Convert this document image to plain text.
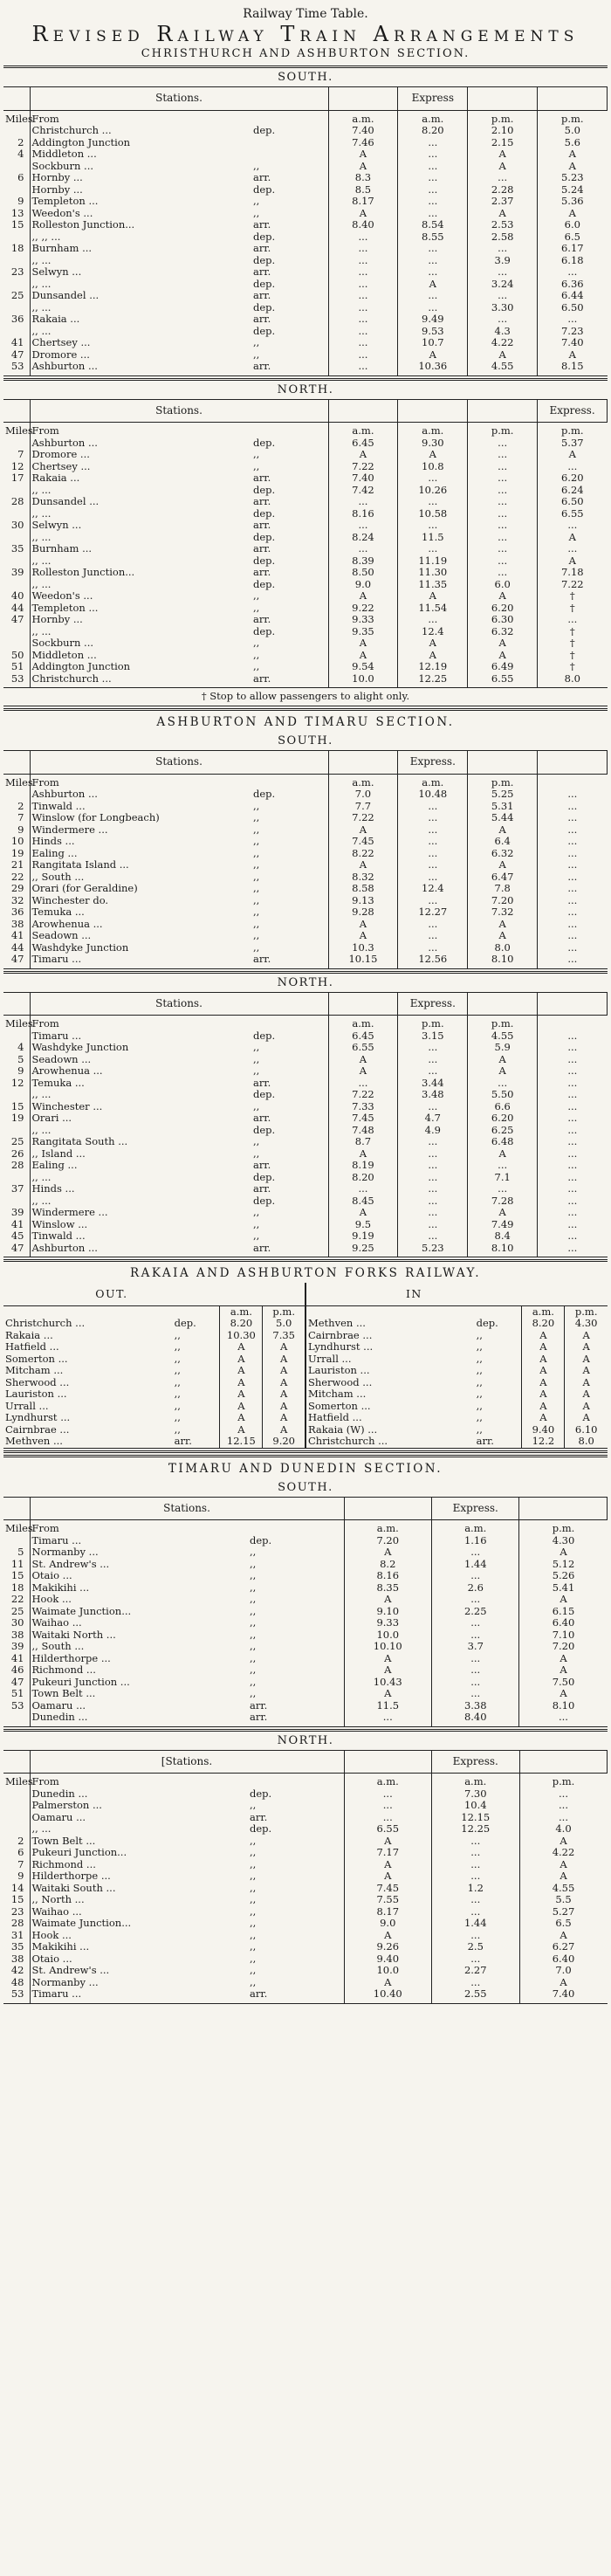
Railway Time Table.
Revised Railway Train Arrangements
CHRISTHURCH AND ASHBURTON SECTION.
SOUTH.
	Stations.			Express		
Miles	From		a.m.	a.m.	p.m.	p.m.
	Christchurch ...	dep.	7.40	8.20	2.10	5.0
2	Addington Junction		7.46	...	2.15	5.6
4	Middleton ...		A	...	A	A
	Sockburn ...	,,	A	...	A	A
6	Hornby ...	arr.	8.3	...	...	5.23
	Hornby ...	dep.	8.5	...	2.28	5.24
9	Templeton ...	,,	8.17	...	2.37	5.36
13	Weedon's ...	,,	A	...	A	A
15	Rolleston Junction...	arr.	8.40	8.54	2.53	6.0
	,, ,, ...	dep.	...	8.55	2.58	6.5
18	Burnham ...	arr.	...	...	...	6.17
	,, ...	dep.	...	...	3.9	6.18
23	Selwyn ...	arr.	...	...	...	...
	,, ...	dep.	...	A	3.24	6.36
25	Dunsandel ...	arr.	...	...	...	6.44
	,, ...	dep.	...	...	3.30	6.50
36	Rakaia ...	arr.	...	9.49	...	...
	,, ...	dep.	...	9.53	4.3	7.23
41	Chertsey ...	,,	...	10.7	4.22	7.40
47	Dromore ...	,,	...	A	A	A
53	Ashburton ...	arr.	...	10.36	4.55	8.15
NORTH.
	Stations.					Express.
Miles	From		a.m.	a.m.	p.m.	p.m.
	Ashburton ...	dep.	6.45	9.30	...	5.37
7	Dromore ...	,,	A	A	...	A
12	Chertsey ...	,,	7.22	10.8	...	...
17	Rakaia ...	arr.	7.40	...	...	6.20
	,, ...	dep.	7.42	10.26	...	6.24
28	Dunsandel ...	arr.	...	...	...	6.50
	,, ...	dep.	8.16	10.58	...	6.55
30	Selwyn ...	arr.	...	...	...	...
	,, ...	dep.	8.24	11.5	...	A
35	Burnham ...	arr.	...	...	...	...
	,, ...	dep.	8.39	11.19	...	A
39	Rolleston Junction...	arr.	8.50	11.30	...	7.18
	,, ...	dep.	9.0	11.35	6.0	7.22
40	Weedon's ...	,,	A	A	A	†
44	Templeton ...	,,	9.22	11.54	6.20	†
47	Hornby ...	arr.	9.33	...	6.30	...
	,, ...	dep.	9.35	12.4	6.32	†
	Sockburn ...	,,	A	A	A	†
50	Middleton ...	,,	A	A	A	†
51	Addington Junction	,,	9.54	12.19	6.49	†
53	Christchurch ...	arr.	10.0	12.25	6.55	8.0
† Stop to allow passengers to alight only.
ASHBURTON AND TIMARU SECTION.
SOUTH.
	Stations.			Express.		
Miles	From		a.m.	a.m.	p.m.	
	Ashburton ...	dep.	7.0	10.48	5.25	...
2	Tinwald ...	,,	7.7	...	5.31	...
7	Winslow (for Longbeach)	,,	7.22	...	5.44	...
9	Windermere ...	,,	A	...	A	...
10	Hinds ...	,,	7.45	...	6.4	...
19	Ealing ...	,,	8.22	...	6.32	...
21	Rangitata Island ...	,,	A	...	A	...
22	,, South ...	,,	8.32	...	6.47	...
29	Orari (for Geraldine)	,,	8.58	12.4	7.8	...
32	Winchester do.	,,	9.13	...	7.20	...
36	Temuka ...	,,	9.28	12.27	7.32	...
38	Arowhenua ...	,,	A	...	A	...
41	Seadown ...	,,	A	...	A	...
44	Washdyke Junction	,,	10.3	...	8.0	...
47	Timaru ...	arr.	10.15	12.56	8.10	...
NORTH.
	Stations.			Express.		
Miles	From		a.m.	p.m.	p.m.	
	Timaru ...	dep.	6.45	3.15	4.55	...
4	Washdyke Junction	,,	6.55	...	5.9	...
5	Seadown ...	,,	A	...	A	...
9	Arowhenua ...	,,	A	...	A	...
12	Temuka ...	arr.	...	3.44	...	...
	,, ...	dep.	7.22	3.48	5.50	...
15	Winchester ...	,,	7.33	...	6.6	...
19	Orari ...	arr.	7.45	4.7	6.20	...
	,, ...	dep.	7.48	4.9	6.25	...
25	Rangitata South ...	,,	8.7	...	6.48	...
26	,, Island ...	,,	A	...	A	...
28	Ealing ...	arr.	8.19	...	...	...
	,, ...	dep.	8.20	...	7.1	...
37	Hinds ...	arr.	...	...	...	...
	,, ...	dep.	8.45	...	7.28	...
39	Windermere ...	,,	A	...	A	...
41	Winslow ...	,,	9.5	...	7.49	...
45	Tinwald ...	,,	9.19	...	8.4	...
47	Ashburton ...	arr.	9.25	5.23	8.10	...
RAKAIA AND ASHBURTON FORKS RAILWAY.
OUT.				IN			
		a.m.	p.m.			a.m.	p.m.
Christchurch ...	dep.	8.20	5.0	Methven ...	dep.	8.20	4.30
Rakaia ...	,,	10.30	7.35	Cairnbrae ...	,,	A	A
Hatfield ...	,,	A	A	Lyndhurst ...	,,	A	A
Somerton ...	,,	A	A	Urrall ...	,,	A	A
Mitcham ...	,,	A	A	Lauriston ...	,,	A	A
Sherwood ...	,,	A	A	Sherwood ...	,,	A	A
Lauriston ...	,,	A	A	Mitcham ...	,,	A	A
Urrall ...	,,	A	A	Somerton ...	,,	A	A
Lyndhurst ...	,,	A	A	Hatfield ...	,,	A	A
Cairnbrae ...	,,	A	A	Rakaia (W) ...	,,	9.40	6.10
Methven ...	arr.	12.15	9.20	Christchurch ...	arr.	12.2	8.0
TIMARU AND DUNEDIN SECTION.
SOUTH.
	Stations.			Express.	
Miles	From		a.m.	a.m.	p.m.
	Timaru ...	dep.	7.20	1.16	4.30
5	Normanby ...	,,	A	...	A
11	St. Andrew's ...	,,	8.2	1.44	5.12
15	Otaio ...	,,	8.16	...	5.26
18	Makikihi ...	,,	8.35	2.6	5.41
22	Hook ...	,,	A	...	A
25	Waimate Junction...	,,	9.10	2.25	6.15
30	Waihao ...	,,	9.33	...	6.40
38	Waitaki North ...	,,	10.0	...	7.10
39	,, South ...	,,	10.10	3.7	7.20
41	Hilderthorpe ...	,,	A	...	A
46	Richmond ...	,,	A	...	A
47	Pukeuri Junction ...	,,	10.43	...	7.50
51	Town Belt ...	,,	A	...	A
53	Oamaru ...	arr.	11.5	3.38	8.10
	Dunedin ...	arr.	...	8.40	...
NORTH.
	[Stations.			Express.	
Miles	From		a.m.	a.m.	p.m.
	Dunedin ...	dep.	...	7.30	...
	Palmerston ...	,,	...	10.4	...
	Oamaru ...	arr.	...	12.15	...
	,, ...	dep.	6.55	12.25	4.0
2	Town Belt ...	,,	A	...	A
6	Pukeuri Junction...	,,	7.17	...	4.22
7	Richmond ...	,,	A	...	A
9	Hilderthorpe ...	,,	A	...	A
14	Waitaki South ...	,,	7.45	1.2	4.55
15	,, North ...	,,	7.55	...	5.5
23	Waihao ...	,,	8.17	...	5.27
28	Waimate Junction...	,,	9.0	1.44	6.5
31	Hook ...	,,	A	...	A
35	Makikihi ...	,,	9.26	2.5	6.27
38	Otaio ...	,,	9.40	...	6.40
42	St. Andrew's ...	,,	10.0	2.27	7.0
48	Normanby ...	,,	A	...	A
53	Timaru ...	arr.	10.40	2.55	7.40
